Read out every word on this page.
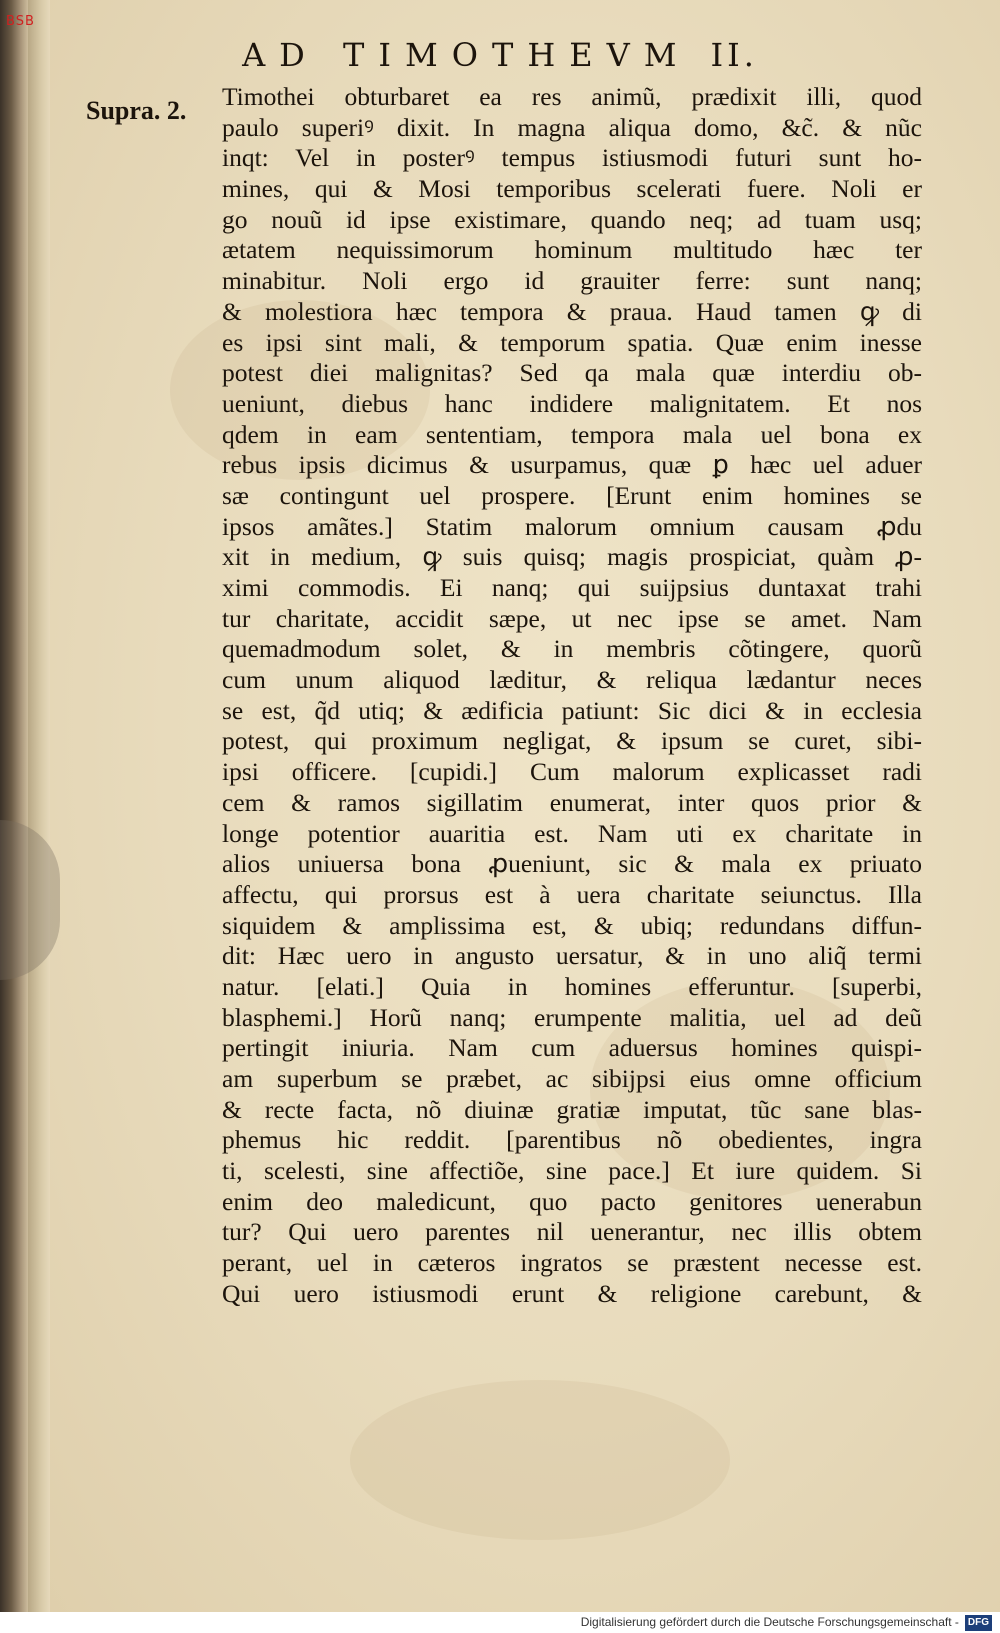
BSB
AD TIMOTHEVM II.
Supra. 2. Timothei obturbaret ea res animũ, prædixit illi, quod
paulo superiꝰ dixit. In magna aliqua domo, &c̃. & nũc
inqt: Vel in posterꝰ tempus istiusmodi futuri sunt ho-
mines, qui & Mosi temporibus scelerati fuere. Noli er
go nouũ id ipse existimare, quando neq; ad tuam usq;
ætatem nequissimorum hominum multitudo hæc ter
minabitur. Noli ergo id grauiter ferre: sunt nanq;
& molestiora hæc tempora & praua. Haud tamen ꝙ di
es ipsi sint mali, & temporum spatia. Quæ enim inesse
potest diei malignitas? Sed qa mala quæ interdiu ob-
ueniunt, diebus hanc indidere malignitatem. Et nos
qdem in eam sententiam, tempora mala uel bona ex
rebus ipsis dicimus & usurpamus, quæ ꝑ hæc uel aduer
sæ contingunt uel prospere. [Erunt enim homines se
ipsos amãtes.] Statim malorum omnium causam ꝓdu
xit in medium, ꝙ suis quisq; magis prospiciat, quàm ꝓ-
ximi commodis. Ei nanq; qui suijpsius duntaxat trahi
tur charitate, accidit sæpe, ut nec ipse se amet. Nam
quemadmodum solet, & in membris cõtingere, quorũ
cum unum aliquod læditur, & reliqua lædantur neces
se est, q̃d utiq; & ædificia patiunt: Sic dici & in ecclesia
potest, qui proximum negligat, & ipsum se curet, sibi-
ipsi officere. [cupidi.] Cum malorum explicasset radi
cem & ramos sigillatim enumerat, inter quos prior &
longe potentior auaritia est. Nam uti ex charitate in
alios uniuersa bona ꝓueniunt, sic & mala ex priuato
affectu, qui prorsus est à uera charitate seiunctus. Illa
siquidem & amplissima est, & ubiq; redundans diffun-
dit: Hæc uero in angusto uersatur, & in uno aliq̃ termi
natur. [elati.] Quia in homines efferuntur. [superbi,
blasphemi.] Horũ nanq; erumpente malitia, uel ad deũ
pertingit iniuria. Nam cum aduersus homines quispi-
am superbum se præbet, ac sibijpsi eius omne officium
& recte facta, nõ diuinæ gratiæ imputat, tũc sane blas-
phemus hic reddit. [parentibus nõ obedientes, ingra
ti, scelesti, sine affectiõe, sine pace.] Et iure quidem. Si
enim deo maledicunt, quo pacto genitores uenerabun
tur? Qui uero parentes nil uenerantur, nec illis obtem
perant, uel in cæteros ingratos se præstent necesse est.
Qui uero istiusmodi erunt & religione carebunt, &
Digitalisierung gefördert durch die Deutsche Forschungsgemeinschaft - DFG
